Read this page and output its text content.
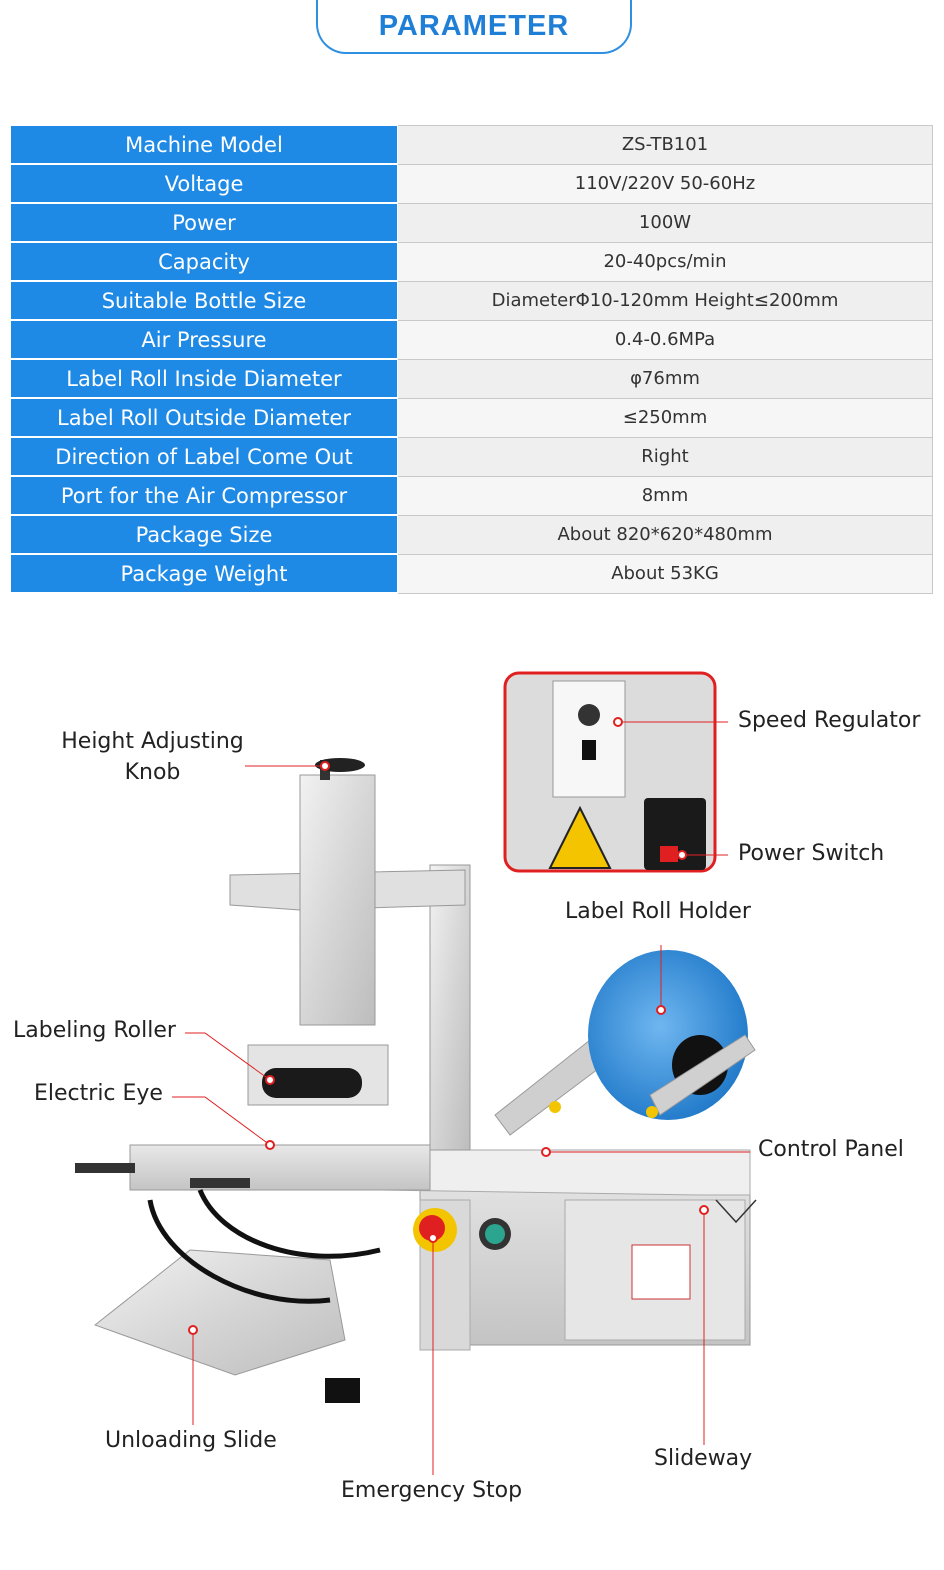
PARAMETER
Machine Model	ZS-TB101
Voltage	110V/220V 50-60Hz
Power	100W
Capacity	20-40pcs/min
Suitable Bottle Size	DiameterΦ10-120mm Height≤200mm
Air Pressure	0.4-0.6MPa
Label Roll Inside Diameter	φ76mm
Label Roll Outside Diameter	≤250mm
Direction of Label Come Out	Right
Port for the Air Compressor	8mm
Package Size	About 820*620*480mm
Package Weight	About 53KG
Height Adjusting
Knob
Speed Regulator
Power Switch
Label Roll Holder
Labeling Roller
Electric Eye
Control Panel
Unloading Slide
Slideway
Emergency Stop
